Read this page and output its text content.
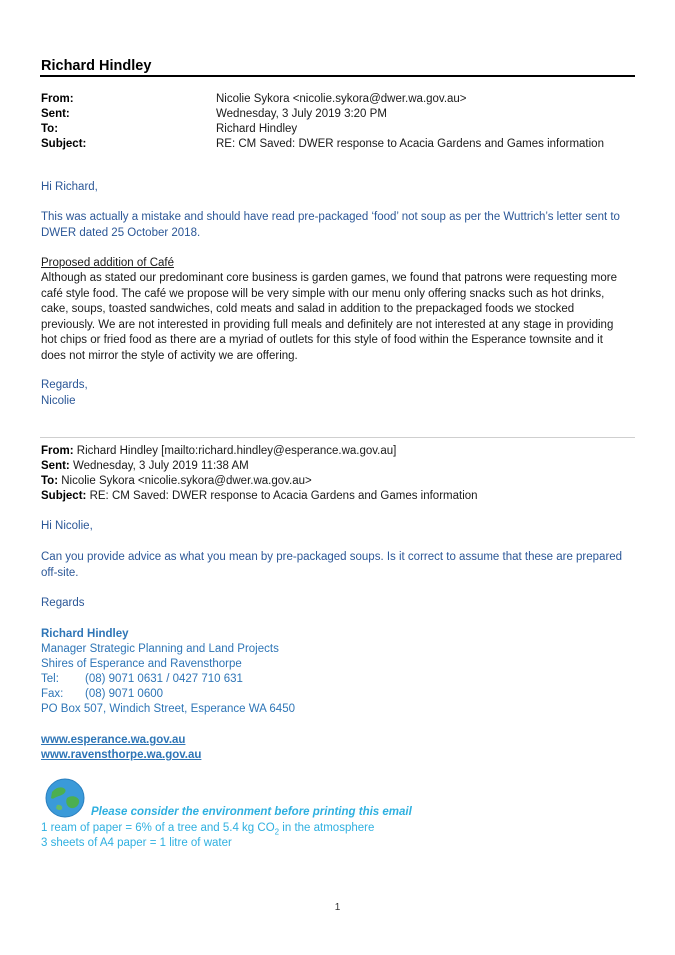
Richard Hindley
From:	Nicolie Sykora <nicolie.sykora@dwer.wa.gov.au>
Sent:	Wednesday, 3 July 2019 3:20 PM
To:	Richard Hindley
Subject:	RE: CM Saved: DWER response to Acacia Gardens and Games information
Hi Richard,
This was actually a mistake and should have read pre-packaged ‘food’ not soup as per the Wuttrich’s letter sent to
DWER dated 25 October 2018.
Proposed addition of Café
Although as stated our predominant core business is garden games, we found that patrons were requesting more
café style food. The café we propose will be very simple with our menu only offering snacks such as hot drinks,
cake, soups, toasted sandwiches, cold meats and salad in addition to the prepackaged foods we stocked
previously. We are not interested in providing full meals and definitely are not interested at any stage in providing
hot chips or fried food as there are a myriad of outlets for this style of food within the Esperance townsite and it
does not mirror the style of activity we are offering.
Regards,
Nicolie
From: Richard Hindley [mailto:richard.hindley@esperance.wa.gov.au]
Sent: Wednesday, 3 July 2019 11:38 AM
To: Nicolie Sykora <nicolie.sykora@dwer.wa.gov.au>
Subject: RE: CM Saved: DWER response to Acacia Gardens and Games information
Hi Nicolie,
Can you provide advice as what you mean by pre-packaged soups. Is it correct to assume that these are prepared
off-site.
Regards
Richard Hindley
Manager Strategic Planning and Land Projects
Shires of Esperance and Ravensthorpe
Tel: (08) 9071 0631 / 0427 710 631
Fax: (08) 9071 0600
PO Box 507, Windich Street, Esperance WA 6450
www.esperance.wa.gov.au
www.ravensthorpe.wa.gov.au
Please consider the environment before printing this email
1 ream of paper = 6% of a tree and 5.4 kg $CO_2$ in the atmosphere
3 sheets of A4 paper = 1 litre of water
1
